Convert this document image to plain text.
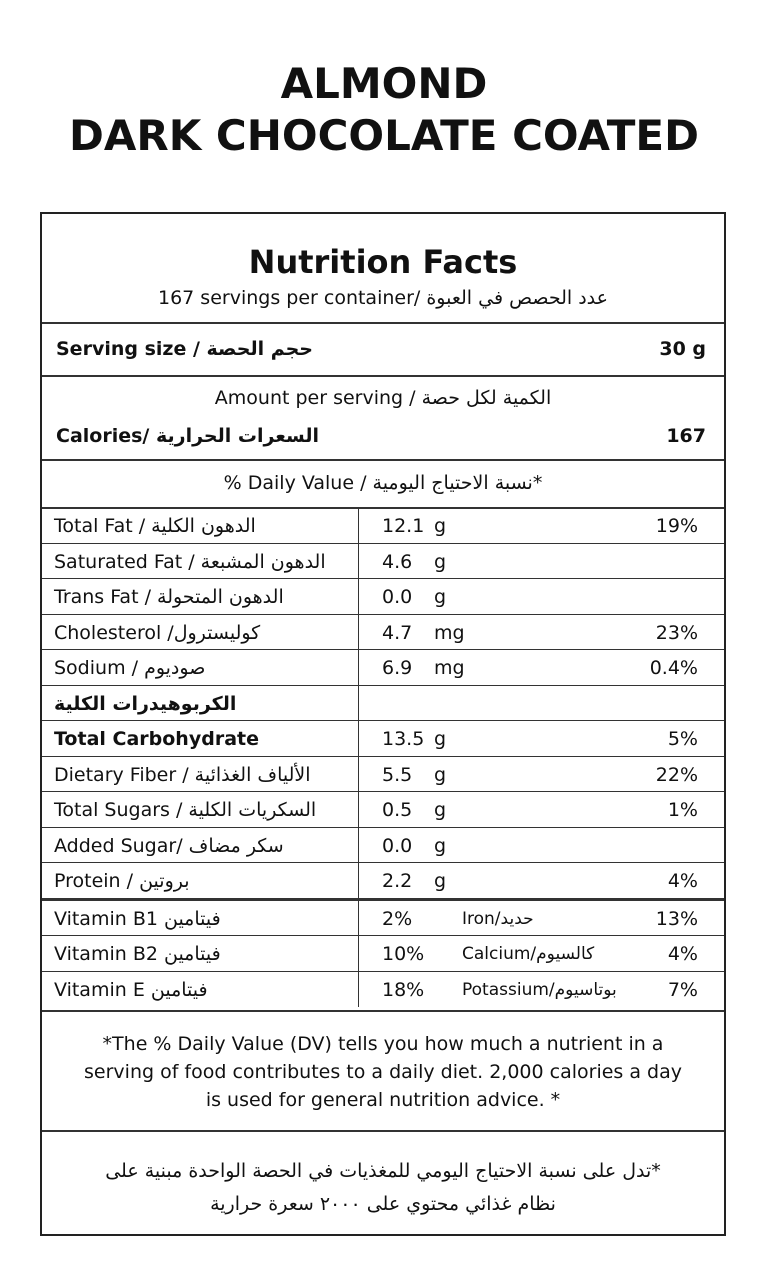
ALMOND
DARK CHOCOLATE COATED
Nutrition Facts
167 servings per container/ عدد الحصص في العبوة
Serving size / حجم الحصة	30 g
Amount per serving / الكمية لكل حصة
Calories/ السعرات الحرارية	167
% Daily Value / نسبة الاحتياج اليومية*
Total Fat / الدهون الكلية	12.1 g	19%
Saturated Fat / الدهون المشبعة	4.6 g
Trans Fat / الدهون المتحولة	0.0 g
Cholesterol /كوليسترول	4.7 mg	23%
Sodium / صوديوم	6.9 mg	0.4%
الكربوهيدرات الكلية
Total Carbohydrate	13.5 g	5%
Dietary Fiber / الألياف الغذائية	5.5 g	22%
Total Sugars / السكريات الكلية	0.5 g	1%
Added Sugar/ سكر مضاف	0.0 g
Protein / بروتين	2.2 g	4%
Vitamin B1 فيتامين	2%	Iron/حديد	13%
Vitamin B2 فيتامين	10% Calcium/كالسيوم	4%
Vitamin E فيتامين	18% Potassium/بوتاسيوم	7%
*The % Daily Value (DV) tells you how much a nutrient in a
serving of food contributes to a daily diet. 2,000 calories a day
is used for general nutrition advice. *
تدل على نسبة الاحتياج اليومي للمغذيات في الحصة الواحدة مبنية على*
نظام غذائي محتوي على ٢٠٠٠ سعرة حرارية
